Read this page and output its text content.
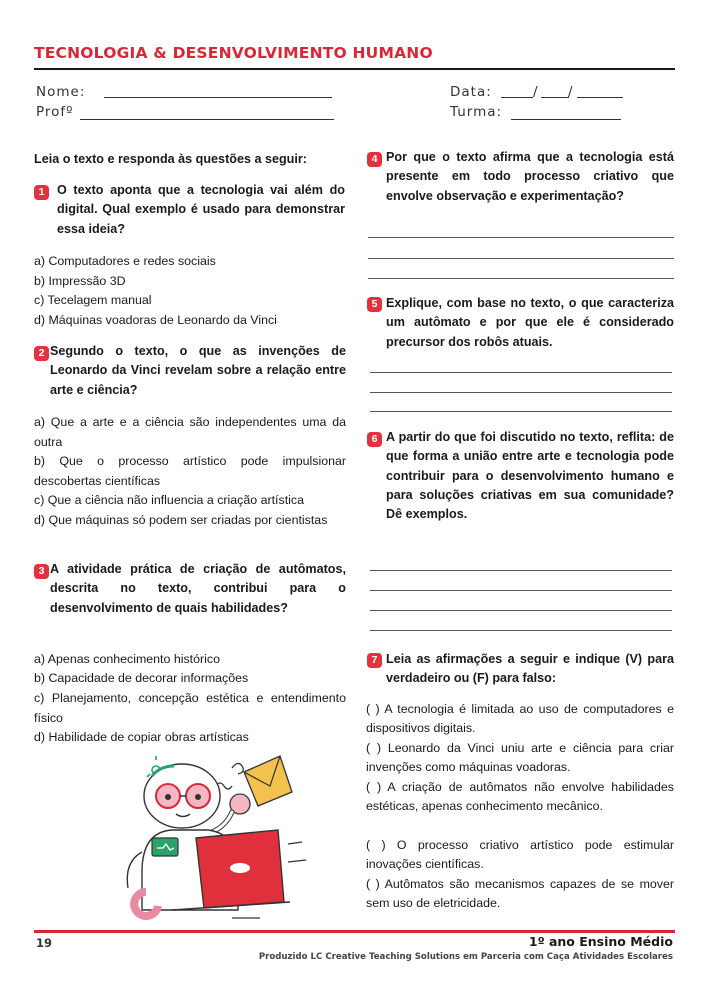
TECNOLOGIA & DESENVOLVIMENTO HUMANO
Nome:	Data:	/ /
Profº	Turma:
Leia o texto e responda às questões a seguir:
1 O texto aponta que a tecnologia vai além do digital. Qual exemplo é usado para demonstrar essa ideia?
a) Computadores e redes sociais
b) Impressão 3D
c) Tecelagem manual
d) Máquinas voadoras de Leonardo da Vinci
2 Segundo o texto, o que as invenções de Leonardo da Vinci revelam sobre a relação entre arte e ciência?
a) Que a arte e a ciência são independentes uma da outra
b) Que o processo artístico pode impulsionar descobertas científicas
c) Que a ciência não influencia a criação artística
d) Que máquinas só podem ser criadas por cientistas
3 A atividade prática de criação de autômatos, descrita no texto, contribui para o desenvolvimento de quais habilidades?
a) Apenas conhecimento histórico
b) Capacidade de decorar informações
c) Planejamento, concepção estética e entendimento físico
d) Habilidade de copiar obras artísticas
4 Por que o texto afirma que a tecnologia está presente em todo processo criativo que envolve observação e experimentação?
5 Explique, com base no texto, o que caracteriza um autômato e por que ele é considerado precursor dos robôs atuais.
6 A partir do que foi discutido no texto, reflita: de que forma a união entre arte e tecnologia pode contribuir para o desenvolvimento humano e para soluções criativas em sua comunidade? Dê exemplos.
7 Leia as afirmações a seguir e indique (V) para verdadeiro ou (F) para falso:
( ) A tecnologia é limitada ao uso de computadores e dispositivos digitais.
( ) Leonardo da Vinci uniu arte e ciência para criar invenções como máquinas voadoras.
( ) A criação de autômatos não envolve habilidades estéticas, apenas conhecimento mecânico.
( ) O processo criativo artístico pode estimular inovações científicas.
( ) Autômatos são mecanismos capazes de se mover sem uso de eletricidade.
19	1º ano Ensino Médio
Produzido LC Creative Teaching Solutions em Parceria com Caça Atividades Escolares
